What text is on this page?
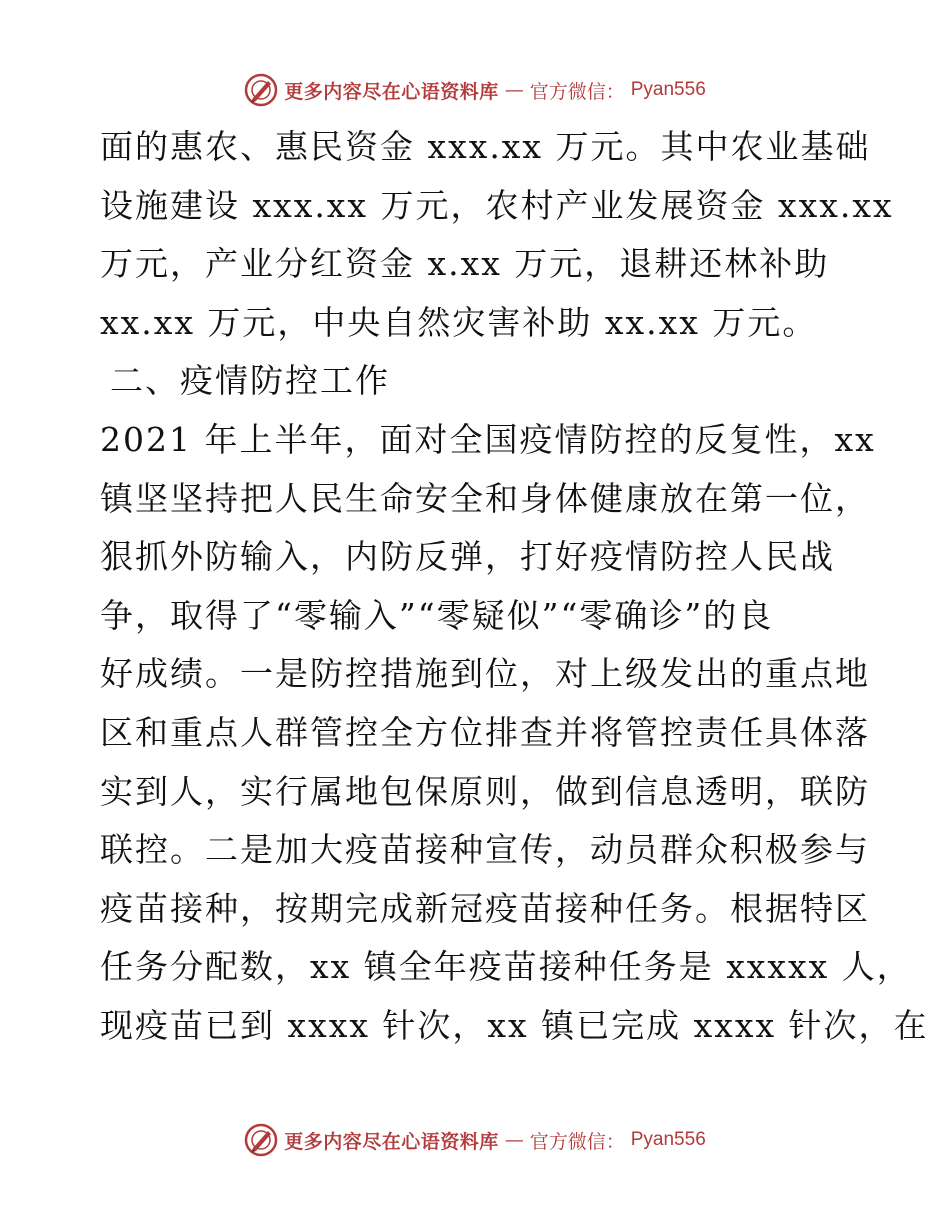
更多内容尽在心语资料库 — 官方微信： Pyan556
面的惠农、惠民资金 xxx.xx 万元。其中农业基础
设施建设 xxx.xx 万元，农村产业发展资金 xxx.xx
万元，产业分红资金 x.xx 万元，退耕还林补助
xx.xx 万元，中央自然灾害补助 xx.xx 万元。
二、疫情防控工作
2021 年上半年，面对全国疫情防控的反复性，xx
镇坚坚持把人民生命安全和身体健康放在第一位，
狠抓外防输入，内防反弹，打好疫情防控人民战
争，取得了“零输入”“零疑似”“零确诊”的良
好成绩。一是防控措施到位，对上级发出的重点地
区和重点人群管控全方位排查并将管控责任具体落
实到人，实行属地包保原则，做到信息透明，联防
联控。二是加大疫苗接种宣传，动员群众积极参与
疫苗接种，按期完成新冠疫苗接种任务。根据特区
任务分配数，xx 镇全年疫苗接种任务是 xxxxx 人，
现疫苗已到 xxxx 针次，xx 镇已完成 xxxx 针次，在
更多内容尽在心语资料库 — 官方微信： Pyan556
